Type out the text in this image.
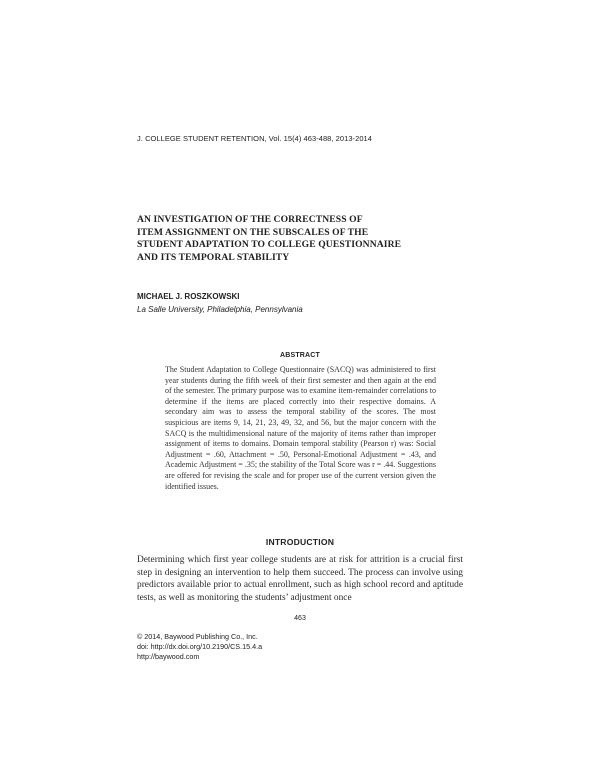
J. COLLEGE STUDENT RETENTION, Vol. 15(4) 463-488, 2013-2014
AN INVESTIGATION OF THE CORRECTNESS OF
ITEM ASSIGNMENT ON THE SUBSCALES OF THE
STUDENT ADAPTATION TO COLLEGE QUESTIONNAIRE
AND ITS TEMPORAL STABILITY
MICHAEL J. ROSZKOWSKI
La Salle University, Philadelphia, Pennsylvania
ABSTRACT
The Student Adaptation to College Questionnaire (SACQ) was administered to first year students during the fifth week of their first semester and then again at the end of the semester. The primary purpose was to examine item-remainder correlations to determine if the items are placed correctly into their respective domains. A secondary aim was to assess the temporal stability of the scores. The most suspicious are items 9, 14, 21, 23, 49, 32, and 56, but the major concern with the SACQ is the multidimensional nature of the majority of items rather than improper assignment of items to domains. Domain temporal stability (Pearson r) was: Social Adjustment = .60, Attachment = .50, Personal-Emotional Adjustment = .43, and Academic Adjustment = .35; the stability of the Total Score was r = .44. Suggestions are offered for revising the scale and for proper use of the current version given the identified issues.
INTRODUCTION
Determining which first year college students are at risk for attrition is a crucial first step in designing an intervention to help them succeed. The process can involve using predictors available prior to actual enrollment, such as high school record and aptitude tests, as well as monitoring the students’ adjustment once
463
© 2014, Baywood Publishing Co., Inc.
doi: http://dx.doi.org/10.2190/CS.15.4.a
http://baywood.com
